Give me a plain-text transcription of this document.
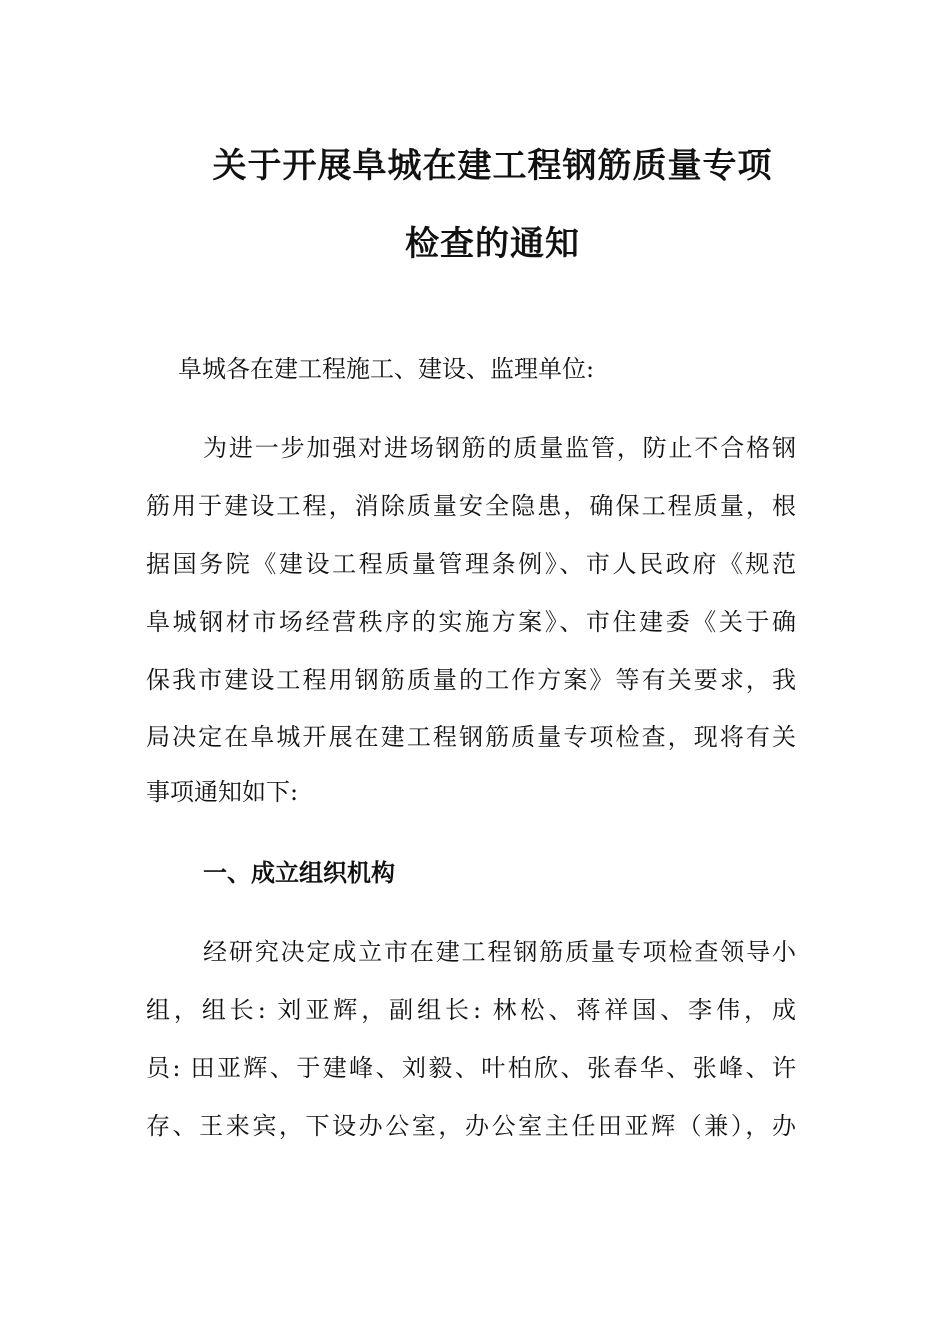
关于开展阜城在建工程钢筋质量专项
检查的通知
阜城各在建工程施工、建设、监理单位:
为进一步加强对进场钢筋的质量监管，防止不合格钢
筋用于建设工程，消除质量安全隐患，确保工程质量，根
据国务院《建设工程质量管理条例》、市人民政府《规范
阜城钢材市场经营秩序的实施方案》、市住建委《关于确
保我市建设工程用钢筋质量的工作方案》等有关要求，我
局决定在阜城开展在建工程钢筋质量专项检查，现将有关
事项通知如下:
一、成立组织机构
经研究决定成立市在建工程钢筋质量专项检查领导小
组，组长: 刘亚辉，副组长: 林松、蒋祥国、李伟，成
员: 田亚辉、于建峰、刘毅、叶柏欣、张春华、张峰、许
存、王来宾，下设办公室，办公室主任田亚辉（兼），办
